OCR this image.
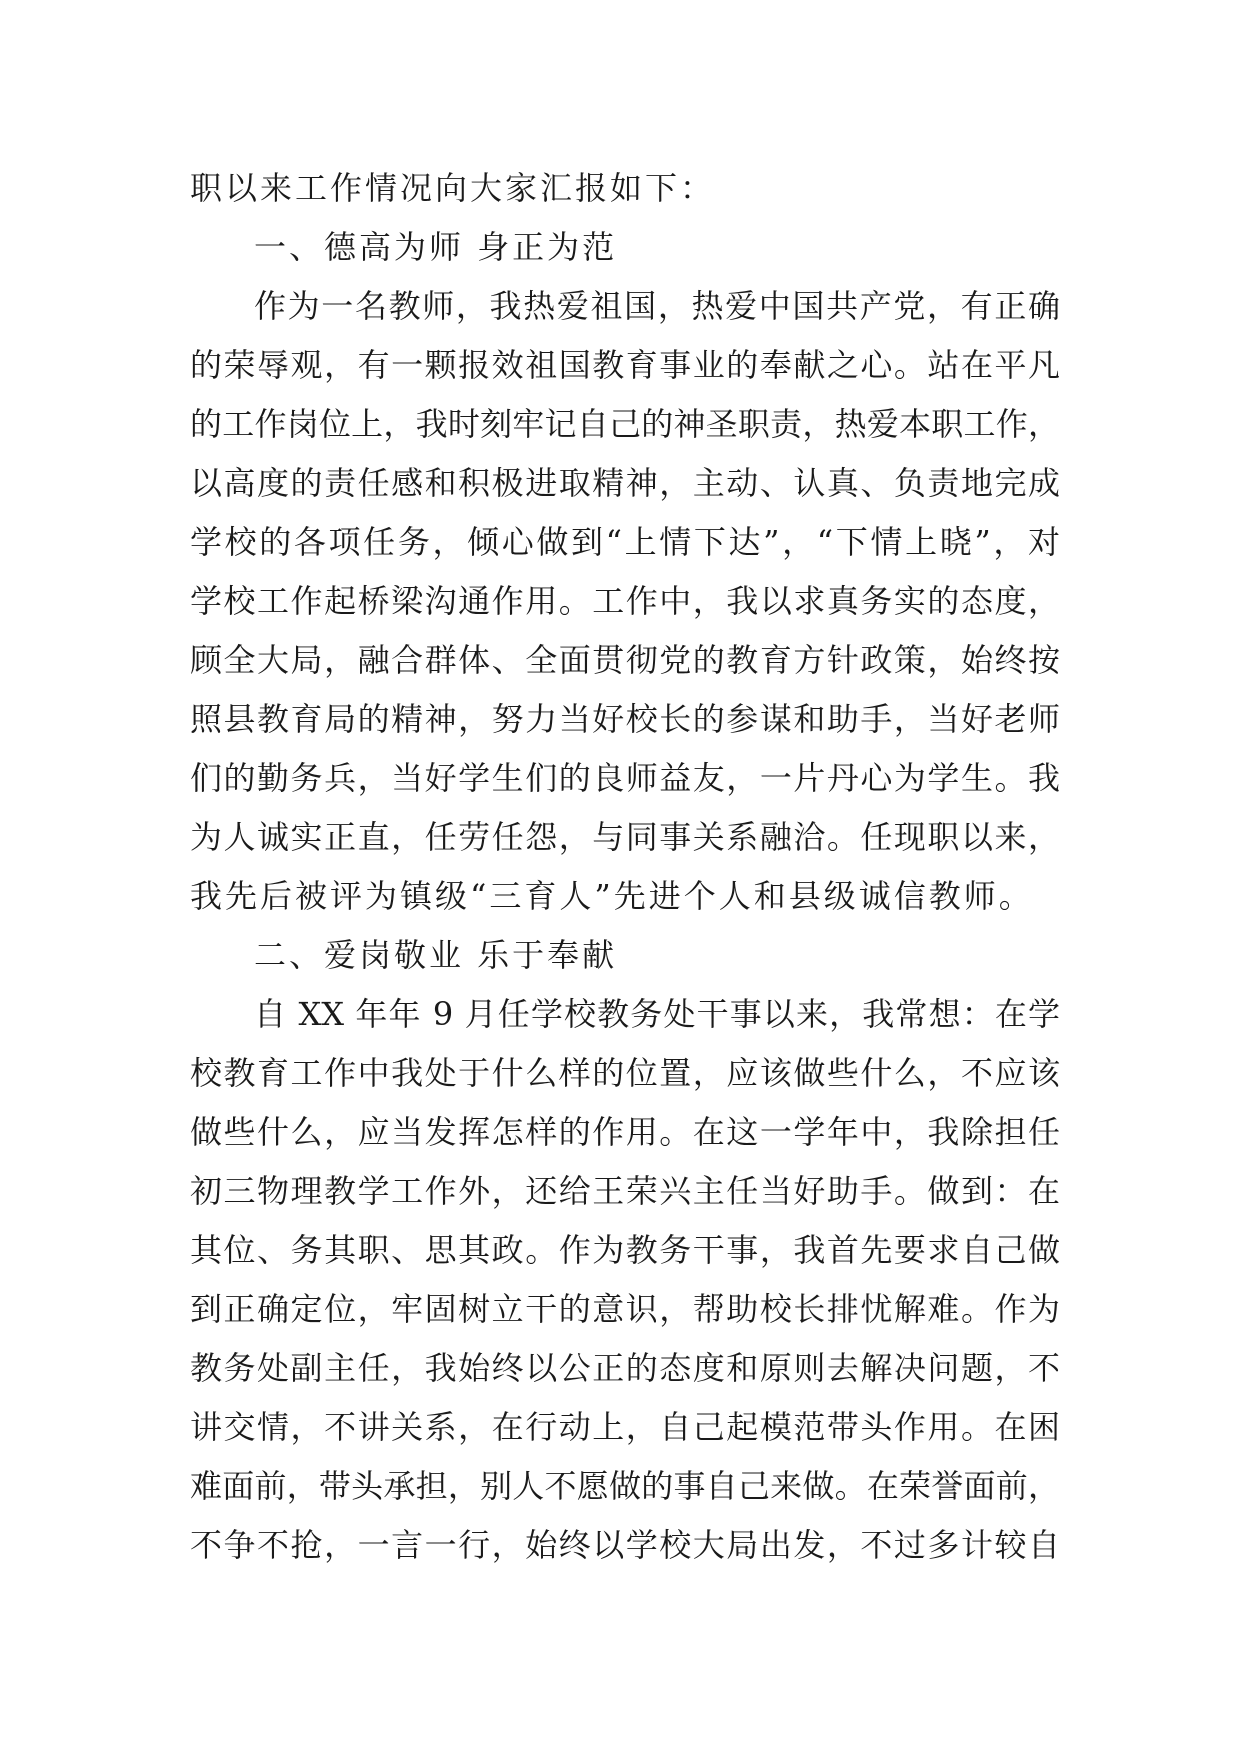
职以来工作情况向大家汇报如下：
一、德高为师 身正为范
作为一名教师，我热爱祖国，热爱中国共产党，有正确
的荣辱观，有一颗报效祖国教育事业的奉献之心。站在平凡
的工作岗位上，我时刻牢记自己的神圣职责，热爱本职工作，
以高度的责任感和积极进取精神，主动、认真、负责地完成
学校的各项任务，倾心做到“上情下达”，“下情上晓”，对
学校工作起桥梁沟通作用。工作中，我以求真务实的态度，
顾全大局，融合群体、全面贯彻党的教育方针政策，始终按
照县教育局的精神，努力当好校长的参谋和助手，当好老师
们的勤务兵，当好学生们的良师益友，一片丹心为学生。我
为人诚实正直，任劳任怨，与同事关系融洽。任现职以来，
我先后被评为镇级“三育人”先进个人和县级诚信教师。
二、爱岗敬业 乐于奉献
自 XX 年年 9 月任学校教务处干事以来，我常想：在学
校教育工作中我处于什么样的位置，应该做些什么，不应该
做些什么，应当发挥怎样的作用。在这一学年中，我除担任
初三物理教学工作外，还给王荣兴主任当好助手。做到：在
其位、务其职、思其政。作为教务干事，我首先要求自己做
到正确定位，牢固树立干的意识，帮助校长排忧解难。作为
教务处副主任，我始终以公正的态度和原则去解决问题，不
讲交情，不讲关系，在行动上，自己起模范带头作用。在困
难面前，带头承担，别人不愿做的事自己来做。在荣誉面前，
不争不抢，一言一行，始终以学校大局出发，不过多计较自
